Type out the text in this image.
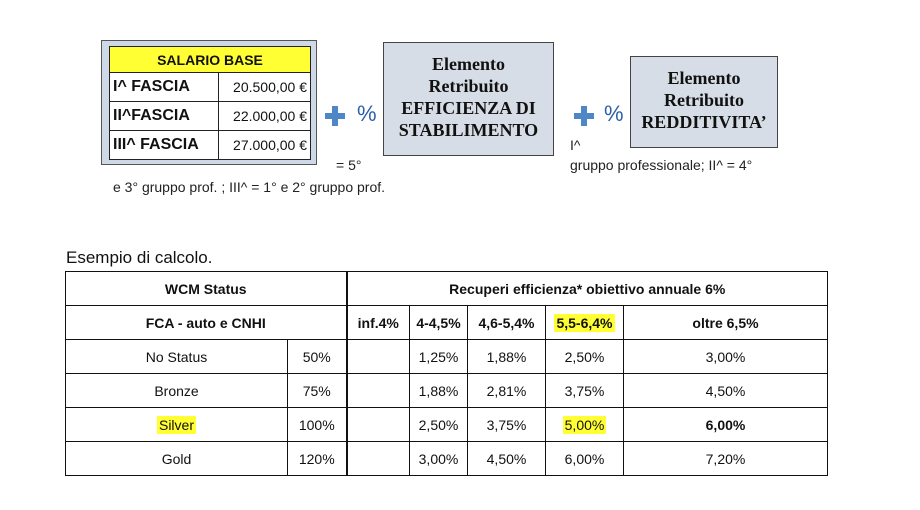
SALARIO BASE	
I^ FASCIA	20.500,00 €
II^FASCIA	22.000,00 €
III^ FASCIA	27.000,00 €
%
Elemento
Retribuito
EFFICIENZA DI
STABILIMENTO
%
Elemento
Retribuito
REDDITIVITA’
= 5°
I^
gruppo professionale; II^ = 4°
e 3° gruppo prof. ; III^ = 1° e 2° gruppo prof.
Esempio di calcolo.
WCM Status		Recuperi efficienza* obiettivo annuale 6%				
FCA - auto e CNHI		inf.4%	4-4,5%	4,6-5,4%	5,5-6,4%	oltre 6,5%
No Status	50%		1,25%	1,88%	2,50%	3,00%
Bronze	75%		1,88%	2,81%	3,75%	4,50%
Silver	100%		2,50%	3,75%	5,00%	6,00%
Gold	120%		3,00%	4,50%	6,00%	7,20%
